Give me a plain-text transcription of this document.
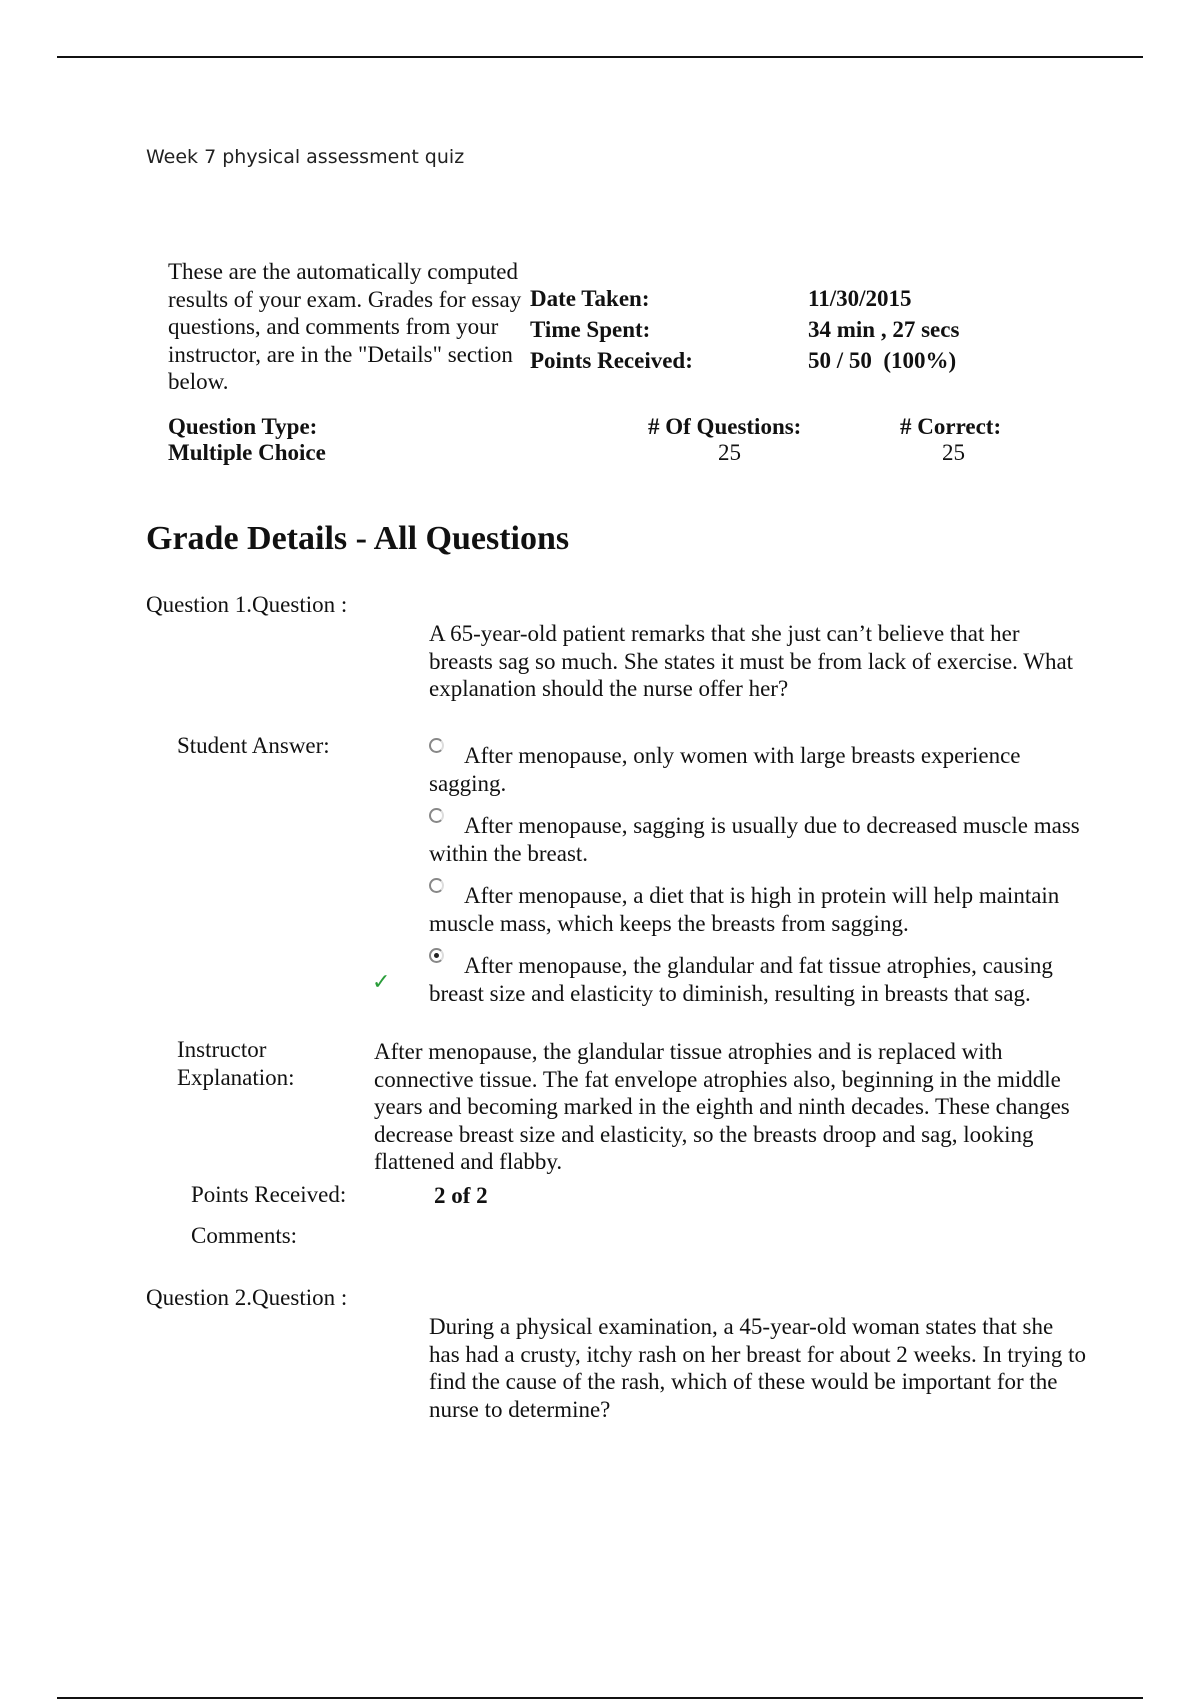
Week 7 physical assessment quiz
These are the automatically computed results of your exam. Grades for essay questions, and comments from your instructor, are in the "Details" section below.
Date Taken:
Time Spent:
Points Received:
11/30/2015
34 min , 27 secs
50 / 50  (100%)
Question Type:
Multiple Choice
# Of Questions:
25
# Correct:
25
Grade Details - All Questions
Question 1.Question :
A 65-year-old patient remarks that she just can’t believe that her breasts sag so much. She states it must be from lack of exercise. What explanation should the nurse offer her?
Student Answer:	After menopause, only women with large breasts experience sagging.
After menopause, sagging is usually due to decreased muscle mass within the breast.
After menopause, a diet that is high in protein will help maintain muscle mass, which keeps the breasts from sagging.
✓
After menopause, the glandular and fat tissue atrophies, causing breast size and elasticity to diminish, resulting in breasts that sag.
Instructor
Explanation:
After menopause, the glandular tissue atrophies and is replaced with connective tissue. The fat envelope atrophies also, beginning in the middle years and becoming marked in the eighth and ninth decades. These changes decrease breast size and elasticity, so the breasts droop and sag, looking flattened and flabby.
Points Received:	2 of 2
Comments:
Question 2.Question :
During a physical examination, a 45-year-old woman states that she has had a crusty, itchy rash on her breast for about 2 weeks. In trying to find the cause of the rash, which of these would be important for the nurse to determine?
